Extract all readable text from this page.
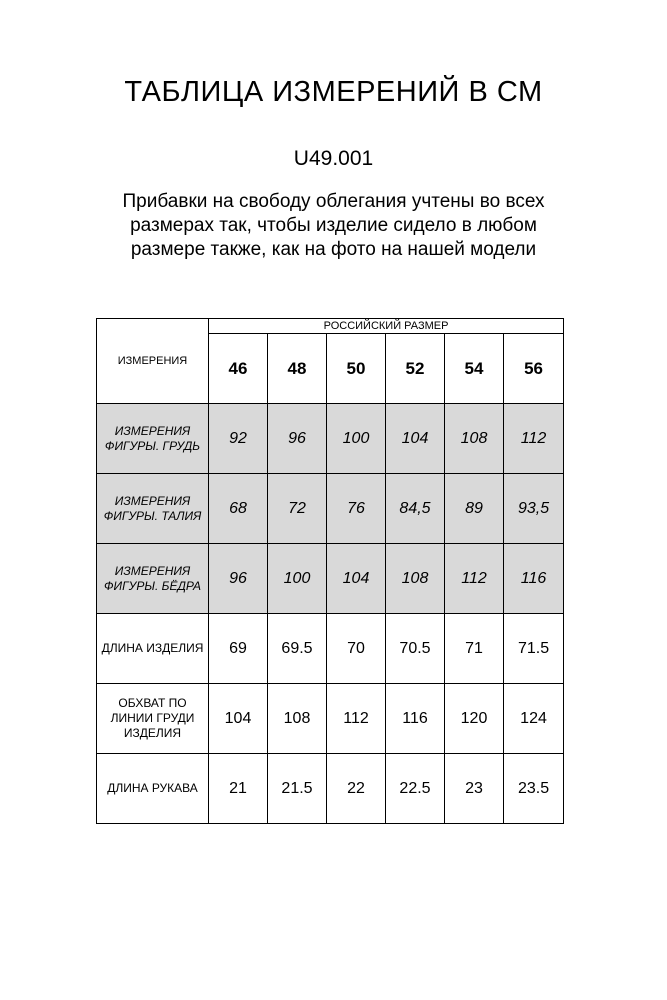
ТАБЛИЦА ИЗМЕРЕНИЙ В СМ
U49.001
Прибавки на свободу облегания учтены во всех
размерах так, чтобы изделие сидело в любом
размере также, как на фото на нашей модели
ИЗМЕРЕНИЯ	РОССИЙСКИЙ РАЗМЕР					
	46	48	50	52	54	56

ИЗМЕРЕНИЯ
ФИГУРЫ. ГРУДЬ	92	96	100	104	108	112

ИЗМЕРЕНИЯ
ФИГУРЫ. ТАЛИЯ	68	72	76	84,5	89	93,5

ИЗМЕРЕНИЯ
ФИГУРЫ. БЁДРА	96	100	104	108	112	116

ДЛИНА ИЗДЕЛИЯ	69	69.5	70	70.5	71	71.5

ОБХВАТ ПО
ЛИНИИ ГРУДИ
ИЗДЕЛИЯ	104	108	112	116	120	124

ДЛИНА РУКАВА	21	21.5	22	22.5	23	23.5
